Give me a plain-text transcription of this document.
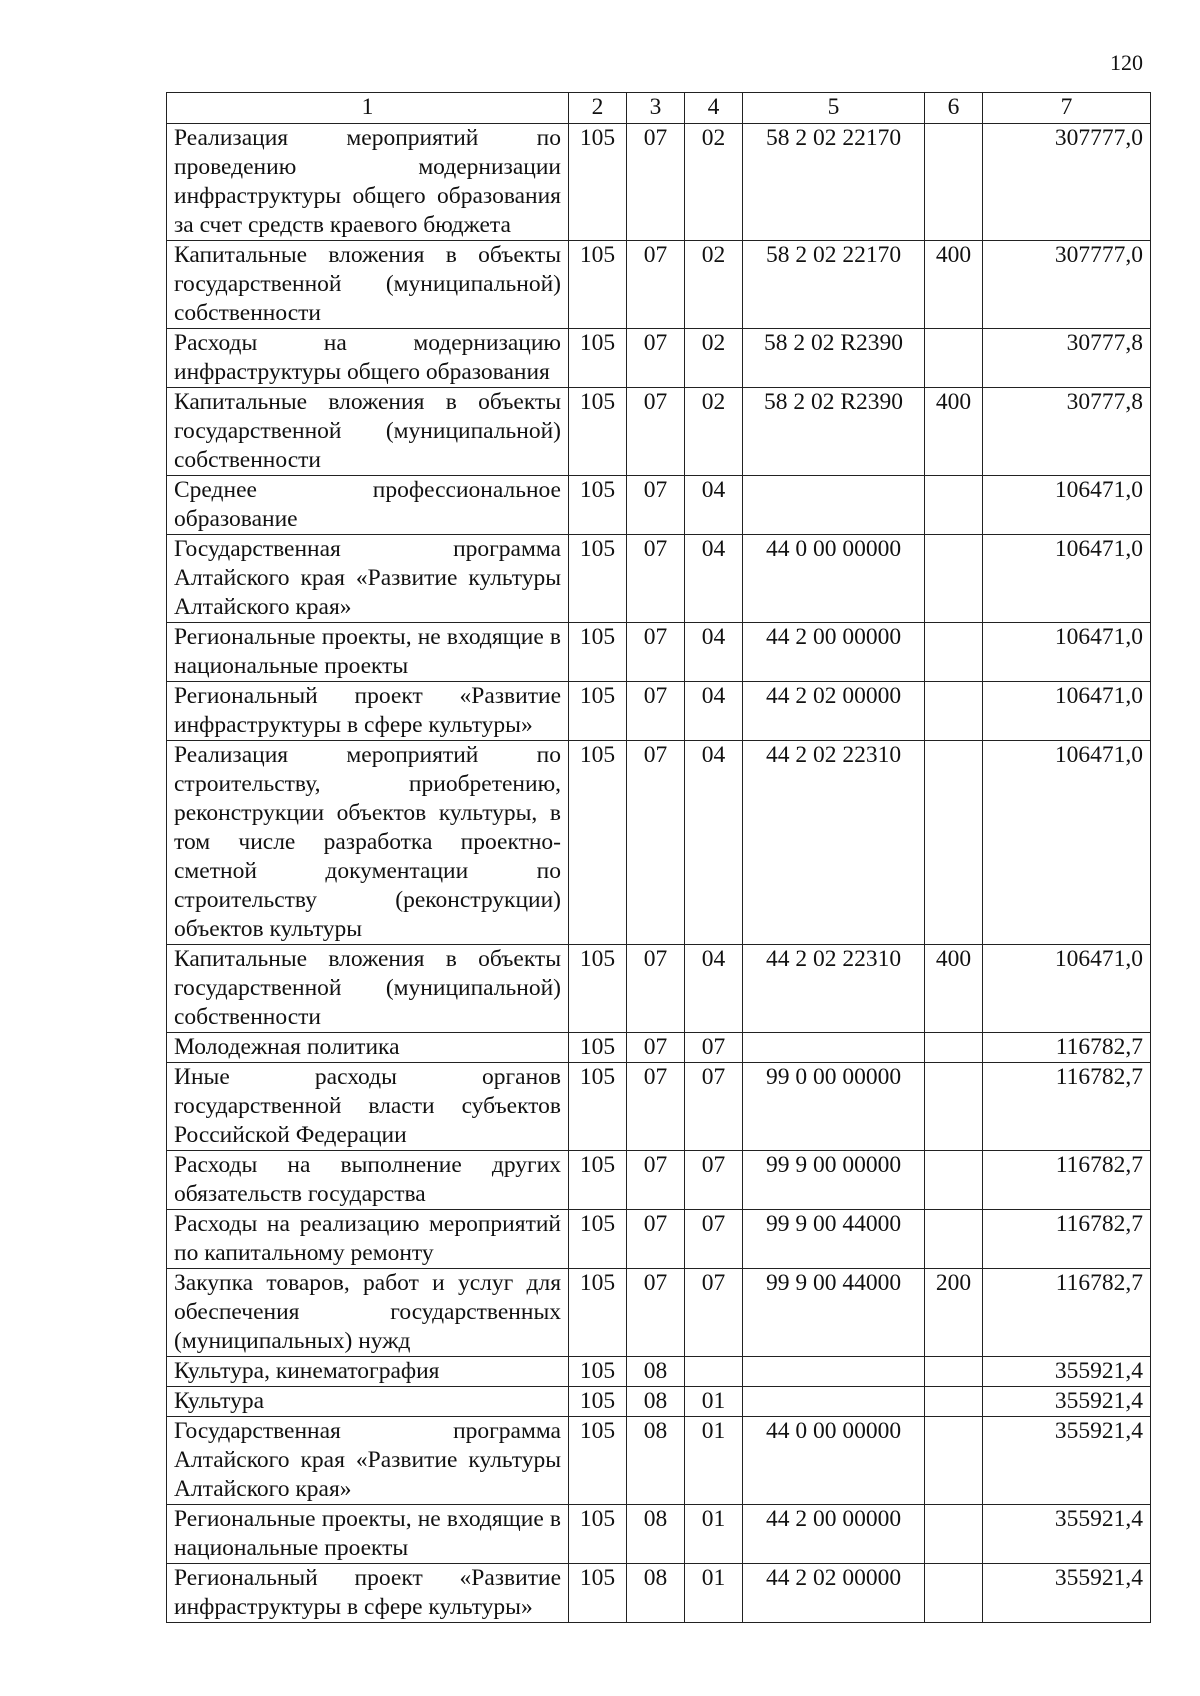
120
1	2	3	4	5	6	7
Реализация мероприятий по проведению модернизации инфраструктуры общего образования за счет средств краевого бюджета	105	07	02	58 2 02 22170		307777,0
Капитальные вложения в объекты государственной (муниципальной) собственности	105	07	02	58 2 02 22170	400	307777,0
Расходы на модернизацию инфраструктуры общего образования	105	07	02	58 2 02 R2390		30777,8
Капитальные вложения в объекты государственной (муниципальной) собственности	105	07	02	58 2 02 R2390	400	30777,8
Среднее профессиональное образование	105	07	04			106471,0
Государственная программа Алтайского края «Развитие культуры Алтайского края»	105	07	04	44 0 00 00000		106471,0
Региональные проекты, не входящие в национальные проекты	105	07	04	44 2 00 00000		106471,0
Региональный проект «Развитие инфраструктуры в сфере культуры»	105	07	04	44 2 02 00000		106471,0
Реализация мероприятий по строительству, приобретению, реконструкции объектов культуры, в том числе разработка проектно-сметной документации по строительству (реконструкции) объектов культуры	105	07	04	44 2 02 22310		106471,0
Капитальные вложения в объекты государственной (муниципальной) собственности	105	07	04	44 2 02 22310	400	106471,0
Молодежная политика	105	07	07			116782,7
Иные расходы органов государственной власти субъектов Российской Федерации	105	07	07	99 0 00 00000		116782,7
Расходы на выполнение других обязательств государства	105	07	07	99 9 00 00000		116782,7
Расходы на реализацию мероприятий по капитальному ремонту	105	07	07	99 9 00 44000		116782,7
Закупка товаров, работ и услуг для обеспечения государственных (муниципальных) нужд	105	07	07	99 9 00 44000	200	116782,7
Культура, кинематография	105	08				355921,4
Культура	105	08	01			355921,4
Государственная программа Алтайского края «Развитие культуры Алтайского края»	105	08	01	44 0 00 00000		355921,4
Региональные проекты, не входящие в национальные проекты	105	08	01	44 2 00 00000		355921,4
Региональный проект «Развитие инфраструктуры в сфере культуры»	105	08	01	44 2 02 00000		355921,4
